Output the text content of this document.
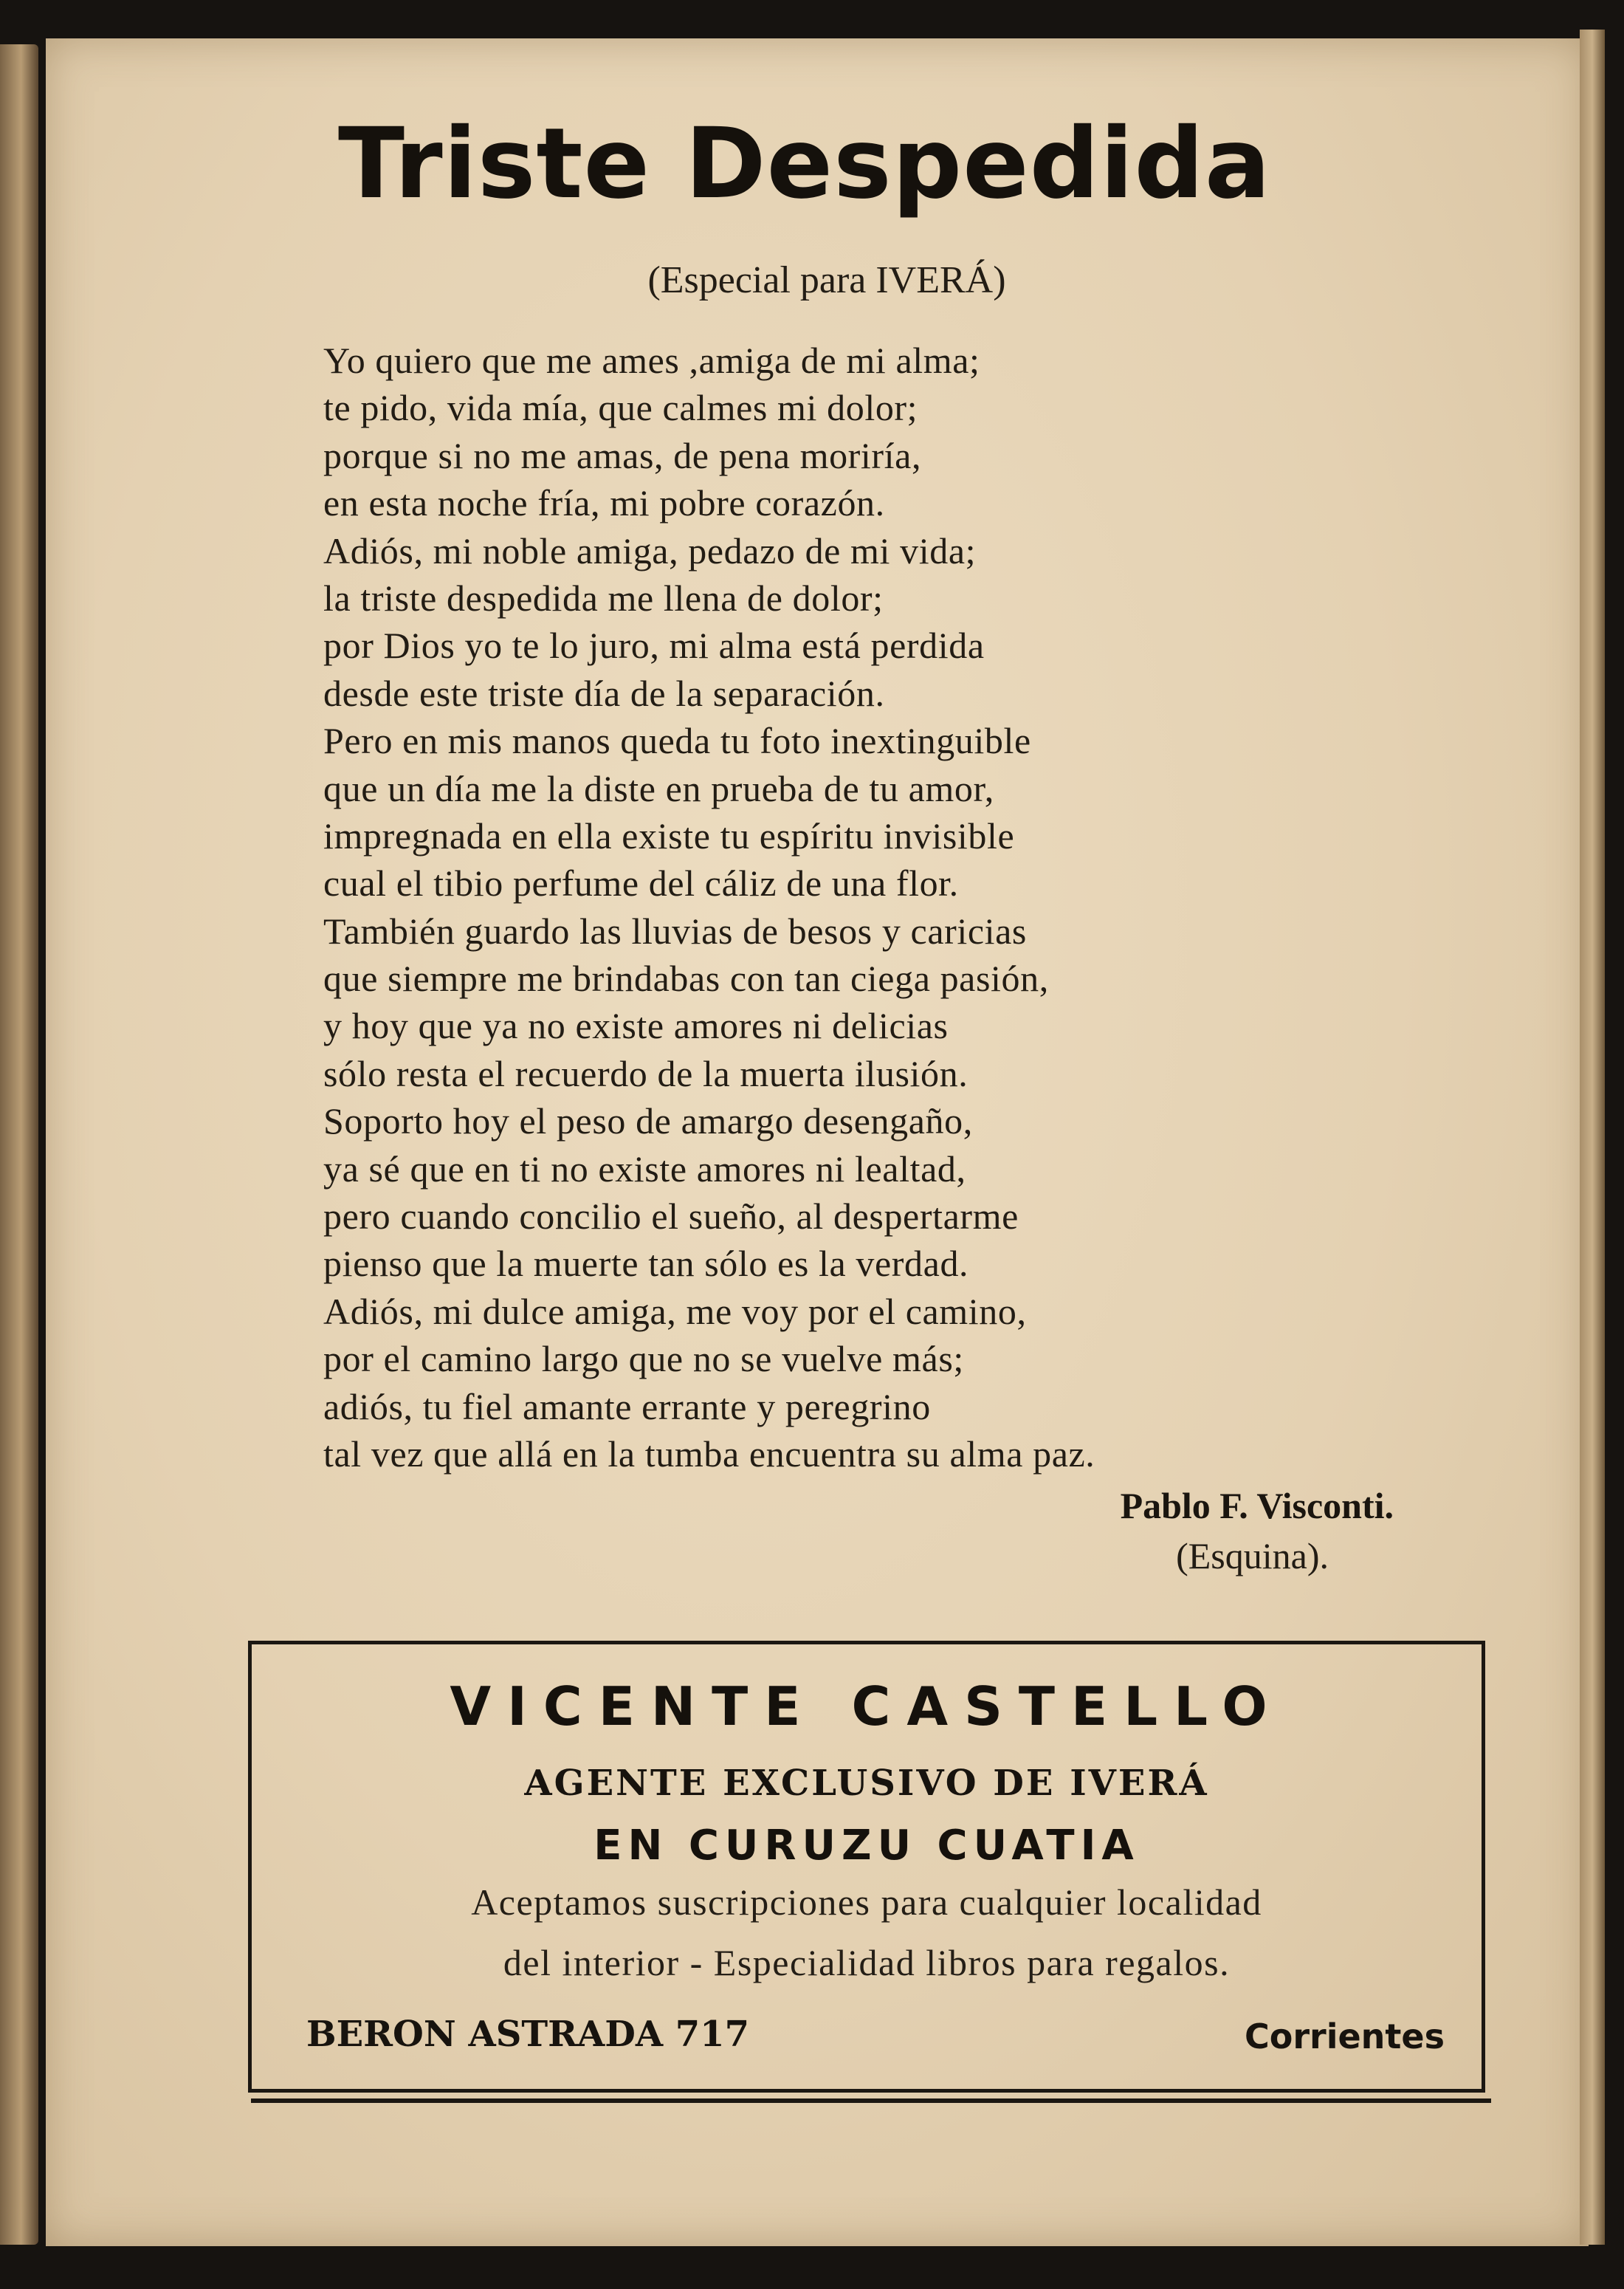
Triste Despedida
(Especial para IVERÁ)
Yo quiero que me ames ,amiga de mi alma;
te pido, vida mía, que calmes mi dolor;
porque si no me amas, de pena moriría,
en esta noche fría, mi pobre corazón.
Adiós, mi noble amiga, pedazo de mi vida;
la triste despedida me llena de dolor;
por Dios yo te lo juro, mi alma está perdida
desde este triste día de la separación.
Pero en mis manos queda tu foto inextinguible
que un día me la diste en prueba de tu amor,
impregnada en ella existe tu espíritu invisible
cual el tibio perfume del cáliz de una flor.
También guardo las lluvias de besos y caricias
que siempre me brindabas con tan ciega pasión,
y hoy que ya no existe amores ni delicias
sólo resta el recuerdo de la muerta ilusión.
Soporto hoy el peso de amargo desengaño,
ya sé que en ti no existe amores ni lealtad,
pero cuando concilio el sueño, al despertarme
pienso que la muerte tan sólo es la verdad.
Adiós, mi dulce amiga, me voy por el camino,
por el camino largo que no se vuelve más;
adiós, tu fiel amante errante y peregrino
tal vez que allá en la tumba encuentra su alma paz.
Pablo F. Visconti.
(Esquina).
VICENTE CASTELLO
AGENTE EXCLUSIVO DE IVERÁ
EN CURUZU CUATIA
Aceptamos suscripciones para cualquier localidad
del interior - Especialidad libros para regalos.
BERON ASTRADA 717	Corrientes
